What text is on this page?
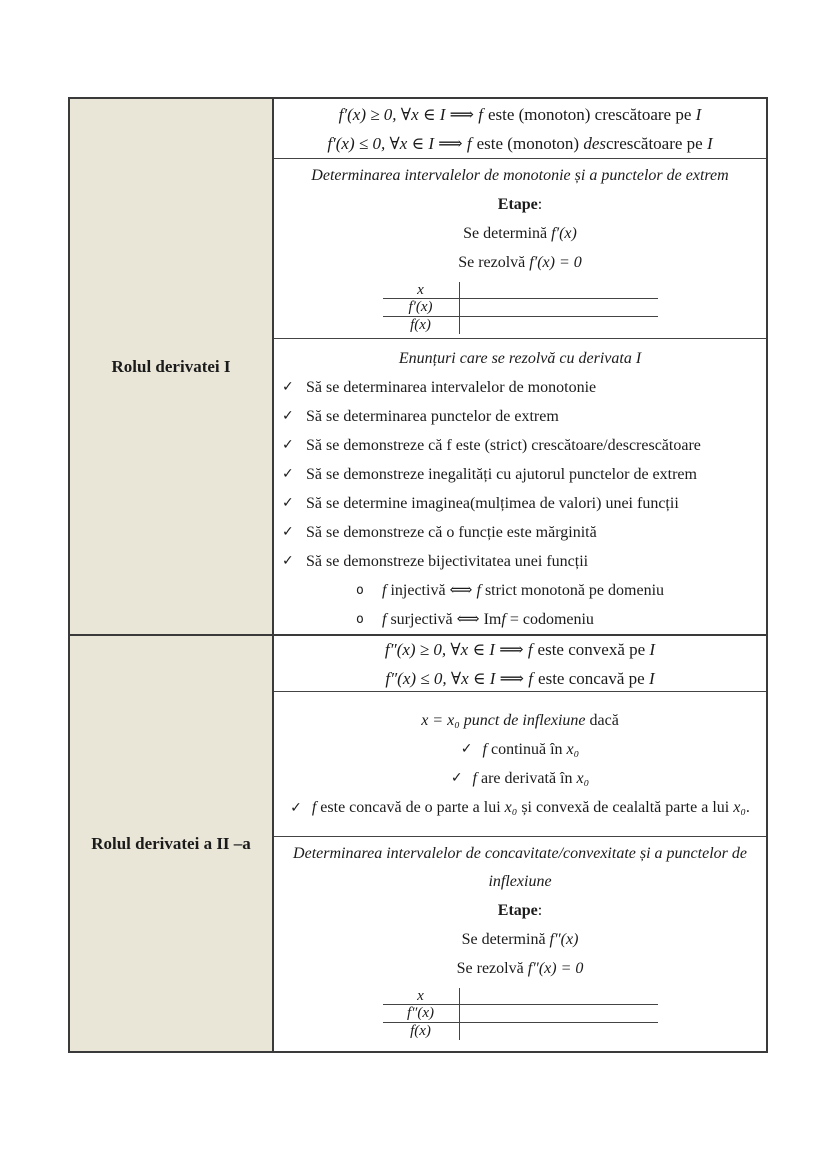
Rolul derivatei I
f′(x) ≥ 0, ∀x ∈ I ⟹ f este (monoton) crescătoare pe I
f′(x) ≤ 0, ∀x ∈ I ⟹ f este (monoton) descrescătoare pe I
Determinarea intervalelor de monotonie și a punctelor de extrem
Etape:
Se determină f′(x)
Se rezolvă f′(x) = 0
x
f′(x)
f(x)
Enunțuri care se rezolvă cu derivata I
✓ Să se determinarea intervalelor de monotonie
✓ Să se determinarea punctelor de extrem
✓ Să se demonstreze că f este (strict) crescătoare/descrescătoare
✓ Să se demonstreze inegalități cu ajutorul punctelor de extrem
✓ Să se determine imaginea(mulțimea de valori) unei funcții
✓ Să se demonstreze că o funcție este mărginită
✓ Să se demonstreze bijectivitatea unei funcții
o	f injectivă ⟺ f strict monotonă pe domeniu
o	f surjectivă ⟺ Imf = codomeniu
Rolul derivatei a II –a
f″(x) ≥ 0, ∀x ∈ I ⟹ f este convexă pe I
f″(x) ≤ 0, ∀x ∈ I ⟹ f este concavă pe I
x = x₀ punct de inflexiune dacă
✓ f continuă în x₀
✓ f are derivată în x₀
✓ f este concavă de o parte a lui x₀ și convexă de cealaltă parte a lui x₀.
Determinarea intervalelor de concavitate/convexitate și a punctelor de inflexiune
Etape:
Se determină f″(x)
Se rezolvă f″(x) = 0
x
f″(x)
f(x)
